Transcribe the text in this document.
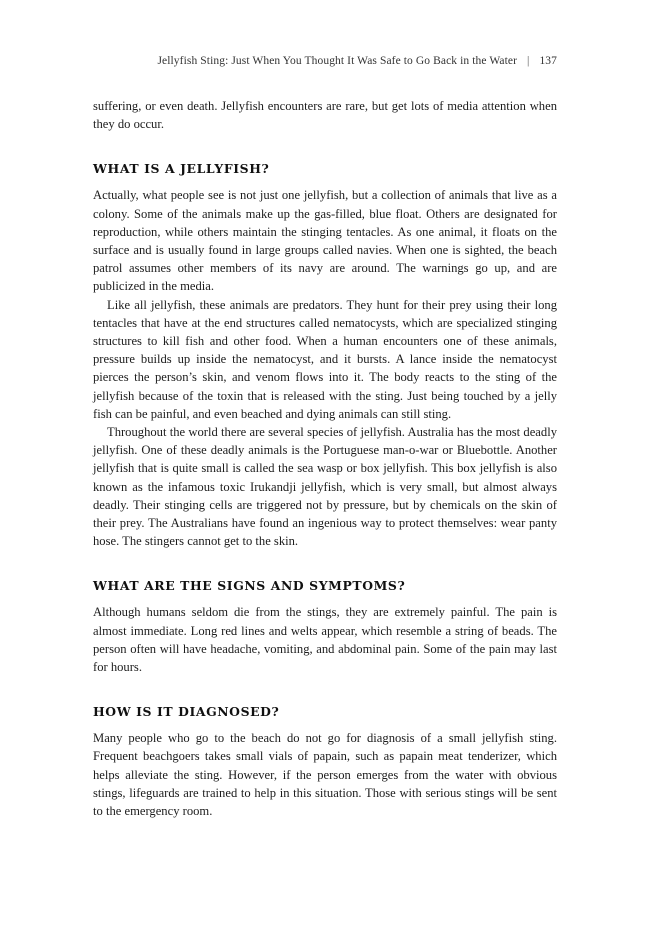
Jellyfish Sting: Just When You Thought It Was Safe to Go Back in the Water | 137

suffering, or even death. Jellyfish encounters are rare, but get lots of media attention when they do occur.

WHAT IS A JELLYFISH?

Actually, what people see is not just one jellyfish, but a collection of animals that live as a colony. Some of the animals make up the gas-filled, blue float. Others are designated for reproduction, while others maintain the stinging tentacles. As one animal, it floats on the surface and is usually found in large groups called navies. When one is sighted, the beach patrol assumes other members of its navy are around. The warnings go up, and are publicized in the media.

Like all jellyfish, these animals are predators. They hunt for their prey using their long tentacles that have at the end structures called nematocysts, which are specialized stinging structures to kill fish and other food. When a human encounters one of these animals, pressure builds up inside the nematocyst, and it bursts. A lance inside the nematocyst pierces the person’s skin, and venom flows into it. The body reacts to the sting of the jellyfish because of the toxin that is released with the sting. Just being touched by a jelly fish can be painful, and even beached and dying animals can still sting.

Throughout the world there are several species of jellyfish. Australia has the most deadly jellyfish. One of these deadly animals is the Portuguese man-o-war or Bluebottle. Another jellyfish that is quite small is called the sea wasp or box jellyfish. This box jellyfish is also known as the infamous toxic Irukandji jellyfish, which is very small, but almost always deadly. Their stinging cells are triggered not by pressure, but by chemicals on the skin of their prey. The Australians have found an ingenious way to protect themselves: wear panty hose. The stingers cannot get to the skin.

WHAT ARE THE SIGNS AND SYMPTOMS?

Although humans seldom die from the stings, they are extremely painful. The pain is almost immediate. Long red lines and welts appear, which resemble a string of beads. The person often will have headache, vomiting, and abdominal pain. Some of the pain may last for hours.

HOW IS IT DIAGNOSED?

Many people who go to the beach do not go for diagnosis of a small jellyfish sting. Frequent beachgoers takes small vials of papain, such as papain meat tenderizer, which helps alleviate the sting. However, if the person emerges from the water with obvious stings, lifeguards are trained to help in this situation. Those with serious stings will be sent to the emergency room.
